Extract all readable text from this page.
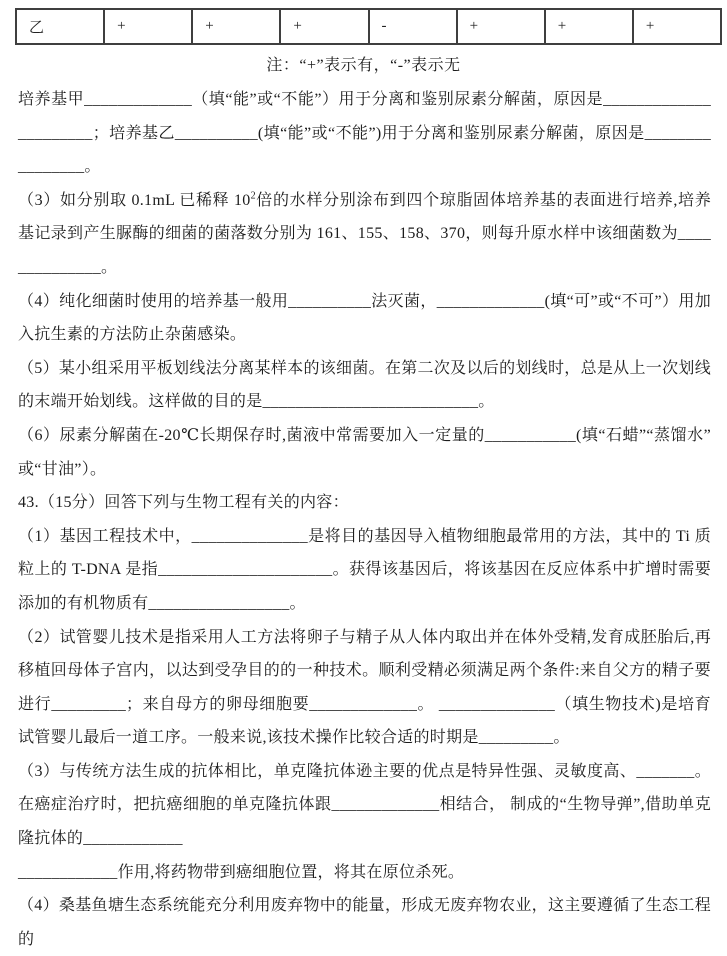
乙	+	+	+	-	+	+	+
注：“+”表示有，“-”表示无

培养基甲_____________（填“能”或“不能”）用于分离和鉴别尿素分解菌，原因是______________________；培养基乙__________(填“能”或“不能”)用于分离和鉴别尿素分解菌，原因是________________。

（3）如分别取 0.1mL 已稀释 $10^2$倍的水样分别涂布到四个琼脂固体培养基的表面进行培养,培养基记录到产生脲酶的细菌的菌落数分别为 161、155、158、370，则每升原水样中该细菌数为______________。

（4）纯化细菌时使用的培养基一般用__________法灭菌，_____________(填“可”或“不可”）用加入抗生素的方法防止杂菌感染。

（5）某小组采用平板划线法分离某样本的该细菌。在第二次及以后的划线时，总是从上一次划线的末端开始划线。这样做的目的是__________________________。

（6）尿素分解菌在-20℃长期保存时,菌液中常需要加入一定量的___________(填“石蜡”“蒸馏水”或“甘油”）。

43.（15分）回答下列与生物工程有关的内容：

（1）基因工程技术中，______________是将目的基因导入植物细胞最常用的方法，其中的 Ti 质粒上的 T-DNA 是指_____________________。获得该基因后，将该基因在反应体系中扩增时需要添加的有机物质有_________________。

（2）试管婴儿技术是指采用人工方法将卵子与精子从人体内取出并在体外受精,发育成胚胎后,再移植回母体子宫内，以达到受孕目的的一种技术。顺利受精必须满足两个条件:来自父方的精子要进行_________；来自母方的卵母细胞要_____________。 ______________（填生物技术)是培育试管婴儿最后一道工序。一般来说,该技术操作比较合适的时期是_________。

（3）与传统方法生成的抗体相比，单克隆抗体逊主要的优点是特异性强、灵敏度高、_______。在癌症治疗时，把抗癌细胞的单克隆抗体跟_____________相结合， 制成的“生物导弹”,借助单克隆抗体的____________

____________作用,将药物带到癌细胞位置，将其在原位杀死。

（4）桑基鱼塘生态系统能充分利用废弃物中的能量，形成无废弃物农业，这主要遵循了生态工程的
